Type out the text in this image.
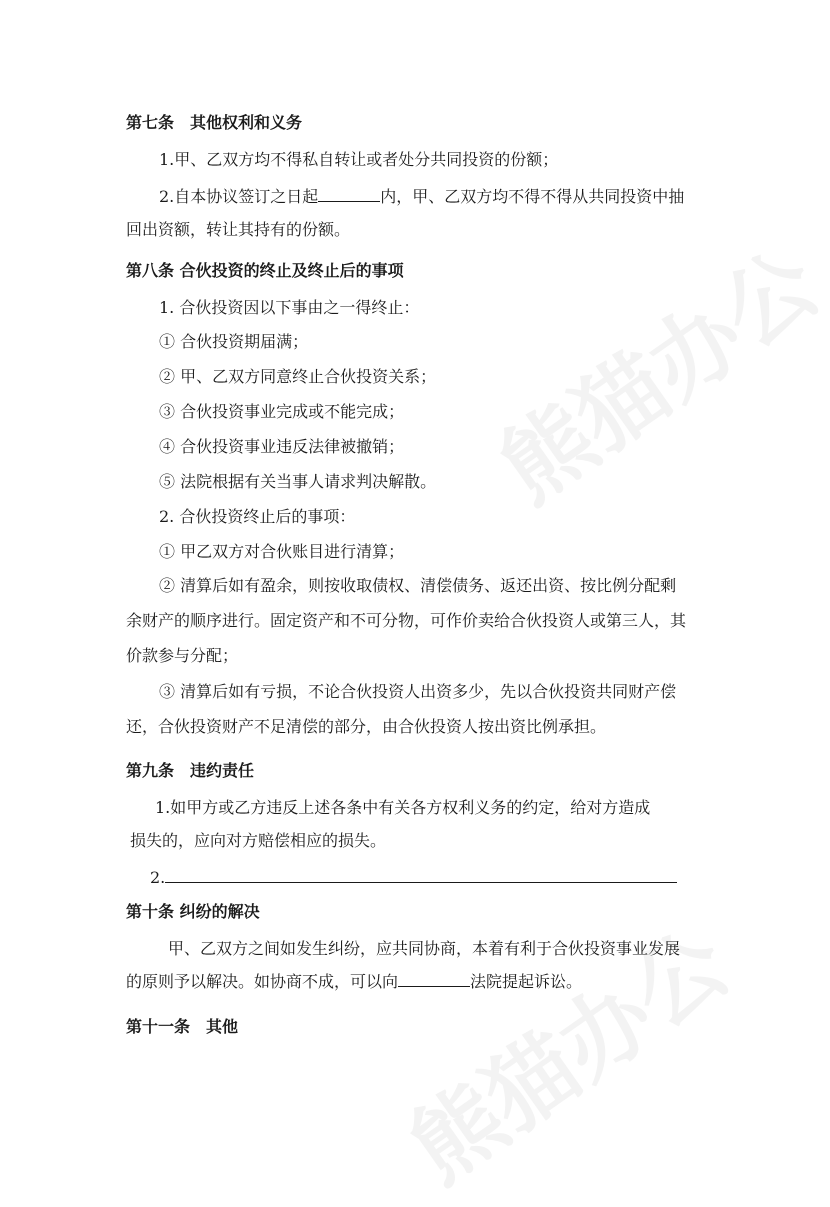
第七条　其他权利和义务
1.甲、乙双方均不得私自转让或者处分共同投资的份额；
2.自本协议签订之日起	内，甲、乙双方均不得不得从共同投资中抽
回出资额，转让其持有的份额。
第八条 合伙投资的终止及终止后的事项
1. 合伙投资因以下事由之一得终止：
① 合伙投资期届满；
② 甲、乙双方同意终止合伙投资关系；
③ 合伙投资事业完成或不能完成；
④ 合伙投资事业违反法律被撤销；
⑤ 法院根据有关当事人请求判决解散。
2. 合伙投资终止后的事项：
① 甲乙双方对合伙账目进行清算；
② 清算后如有盈余，则按收取债权、清偿债务、返还出资、按比例分配剩
余财产的顺序进行。固定资产和不可分物，可作价卖给合伙投资人或第三人，其
价款参与分配；
③ 清算后如有亏损，不论合伙投资人出资多少，先以合伙投资共同财产偿
还，合伙投资财产不足清偿的部分，由合伙投资人按出资比例承担。
第九条　违约责任
1.如甲方或乙方违反上述各条中有关各方权利义务的约定，给对方造成
损失的，应向对方赔偿相应的损失。
2.
第十条 纠纷的解决
甲、乙双方之间如发生纠纷，应共同协商，本着有利于合伙投资事业发展
的原则予以解决。如协商不成，可以向	法院提起诉讼。
第十一条　其他
